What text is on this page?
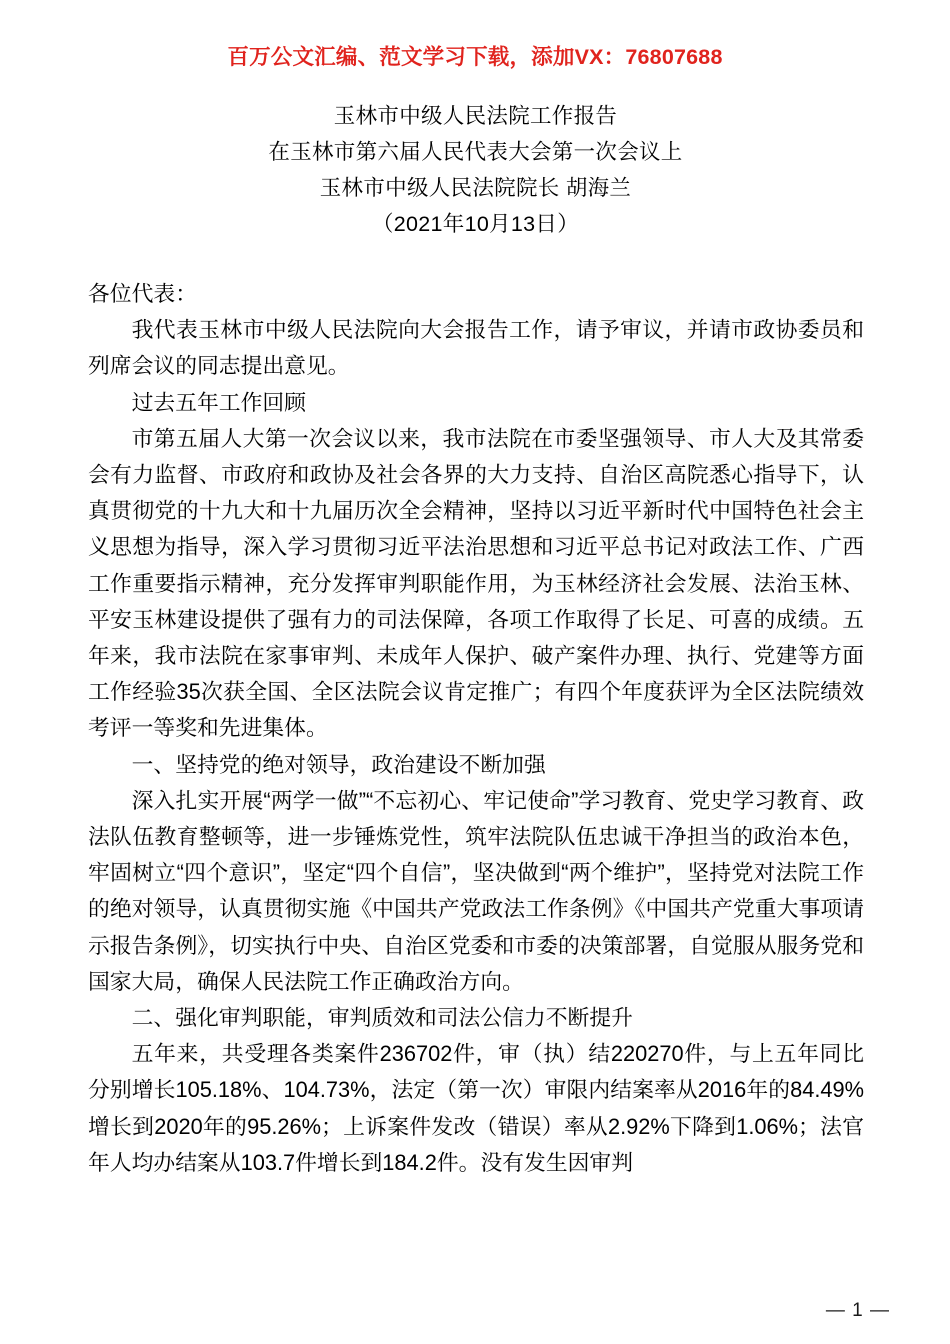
百万公文汇编、范文学习下载，添加VX：76807688
玉林市中级人民法院工作报告
在玉林市第六届人民代表大会第一次会议上
玉林市中级人民法院院长 胡海兰
（2021年10月13日）

各位代表：

我代表玉林市中级人民法院向大会报告工作，请予审议，并请市政协委员和列席会议的同志提出意见。

过去五年工作回顾

市第五届人大第一次会议以来，我市法院在市委坚强领导、市人大及其常委会有力监督、市政府和政协及社会各界的大力支持、自治区高院悉心指导下，认真贯彻党的十九大和十九届历次全会精神，坚持以习近平新时代中国特色社会主义思想为指导，深入学习贯彻习近平法治思想和习近平总书记对政法工作、广西工作重要指示精神，充分发挥审判职能作用，为玉林经济社会发展、法治玉林、平安玉林建设提供了强有力的司法保障，各项工作取得了长足、可喜的成绩。五年来，我市法院在家事审判、未成年人保护、破产案件办理、执行、党建等方面工作经验35次获全国、全区法院会议肯定推广；有四个年度获评为全区法院绩效考评一等奖和先进集体。

一、坚持党的绝对领导，政治建设不断加强

深入扎实开展“两学一做”“不忘初心、牢记使命”学习教育、党史学习教育、政法队伍教育整顿等，进一步锤炼党性，筑牢法院队伍忠诚干净担当的政治本色，牢固树立“四个意识”，坚定“四个自信”，坚决做到“两个维护”，坚持党对法院工作的绝对领导，认真贯彻实施《中国共产党政法工作条例》《中国共产党重大事项请示报告条例》，切实执行中央、自治区党委和市委的决策部署，自觉服从服务党和国家大局，确保人民法院工作正确政治方向。

二、强化审判职能，审判质效和司法公信力不断提升

五年来，共受理各类案件236702件，审（执）结220270件，与上五年同比分别增长105.18%、104.73%，法定（第一次）审限内结案率从2016年的84.49%增长到2020年的95.26%；上诉案件发改（错误）率从2.92%下降到1.06%；法官年人均办结案从103.7件增长到184.2件。没有发生因审判

— 1 —
